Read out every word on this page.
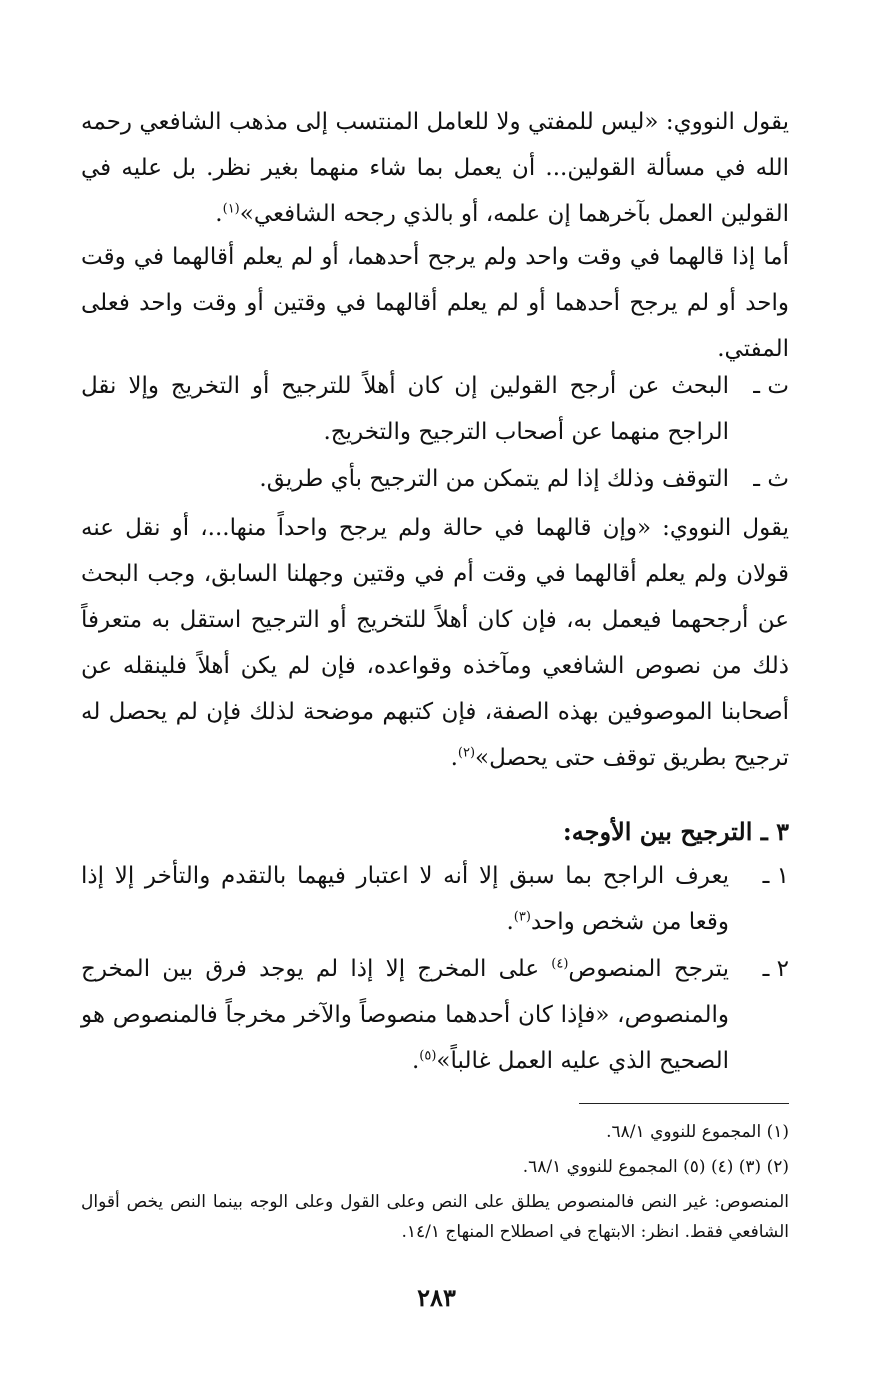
يقول النووي: «ليس للمفتي ولا للعامل المنتسب إلى مذهب الشافعي رحمه الله في مسألة القولين... أن يعمل بما شاء منهما بغير نظر. بل عليه في القولين العمل بآخرهما إن علمه، أو بالذي رجحه الشافعي»$^{(١)}$.

أما إذا قالهما في وقت واحد ولم يرجح أحدهما، أو لم يعلم أقالهما في وقت واحد أو لم يرجح أحدهما أو لم يعلم أقالهما في وقتين أو وقت واحد فعلى المفتي.

ت ـ
البحث عن أرجح القولين إن كان أهلاً للترجيح أو التخريج وإلا نقل الراجح منهما عن أصحاب الترجيح والتخريج.
ث ـ
التوقف وذلك إذا لم يتمكن من الترجيح بأي طريق.

يقول النووي: «وإن قالهما في حالة ولم يرجح واحداً منها...، أو نقل عنه قولان ولم يعلم أقالهما في وقت أم في وقتين وجهلنا السابق، وجب البحث عن أرجحهما فيعمل به، فإن كان أهلاً للتخريج أو الترجيح استقل به متعرفاً ذلك من نصوص الشافعي ومآخذه وقواعده، فإن لم يكن أهلاً فلينقله عن أصحابنا الموصوفين بهذه الصفة، فإن كتبهم موضحة لذلك فإن لم يحصل له ترجيح بطريق توقف حتى يحصل»$^{(٢)}$.

٣ ـ الترجيح بين الأوجه:
١ ـ
يعرف الراجح بما سبق إلا أنه لا اعتبار فيهما بالتقدم والتأخر إلا إذا وقعا من شخص واحد$^{(٣)}$.
٢ ـ
يترجح المنصوص$^{(٤)}$ على المخرج إلا إذا لم يوجد فرق بين المخرج والمنصوص، «فإذا كان أحدهما منصوصاً والآخر مخرجاً فالمنصوص هو الصحيح الذي عليه العمل غالباً»$^{(٥)}$.
(١) المجموع للنووي ٦٨/١.
(٢) (٣) (٤) (٥) المجموع للنووي ٦٨/١.
المنصوص: غير النص فالمنصوص يطلق على النص وعلى القول وعلى الوجه بينما النص يخص أقوال الشافعي فقط. انظر: الابتهاج في اصطلاح المنهاج ١٤/١.
٢٨٣
